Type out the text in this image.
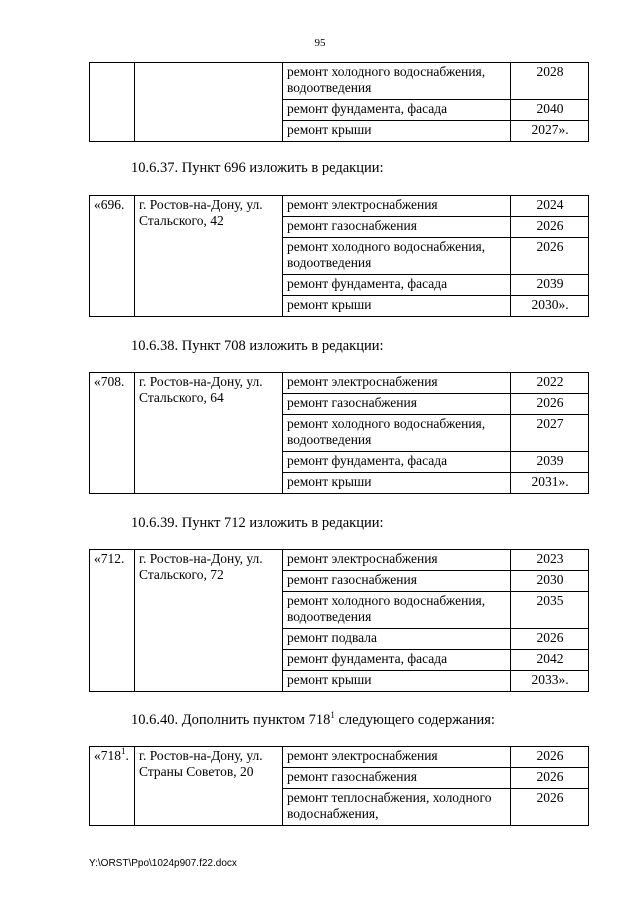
95
		ремонт холодного водоснабжения, водоотведения	2028
		ремонт фундамента, фасада	2040
		ремонт крыши	2027».
10.6.37. Пункт 696 изложить в редакции:
«696.	г. Ростов-на-Дону, ул. Стальского, 42	ремонт электроснабжения	2024
		ремонт газоснабжения	2026
		ремонт холодного водоснабжения, водоотведения	2026
		ремонт фундамента, фасада	2039
		ремонт крыши	2030».
10.6.38. Пункт 708 изложить в редакции:
«708.	г. Ростов-на-Дону, ул. Стальского, 64	ремонт электроснабжения	2022
		ремонт газоснабжения	2026
		ремонт холодного водоснабжения, водоотведения	2027
		ремонт фундамента, фасада	2039
		ремонт крыши	2031».
10.6.39. Пункт 712 изложить в редакции:
«712.	г. Ростов-на-Дону, ул. Стальского, 72	ремонт электроснабжения	2023
		ремонт газоснабжения	2030
		ремонт холодного водоснабжения, водоотведения	2035
		ремонт подвала	2026
		ремонт фундамента, фасада	2042
		ремонт крыши	2033».
10.6.40. Дополнить пунктом $718^1$ следующего содержания:
«$718^1$.	г. Ростов-на-Дону, ул. Страны Советов, 20	ремонт электроснабжения	2026
		ремонт газоснабжения	2026
		ремонт теплоснабжения, холодного водоснабжения,	2026
Y:\ORST\Ppo\1024p907.f22.docx
